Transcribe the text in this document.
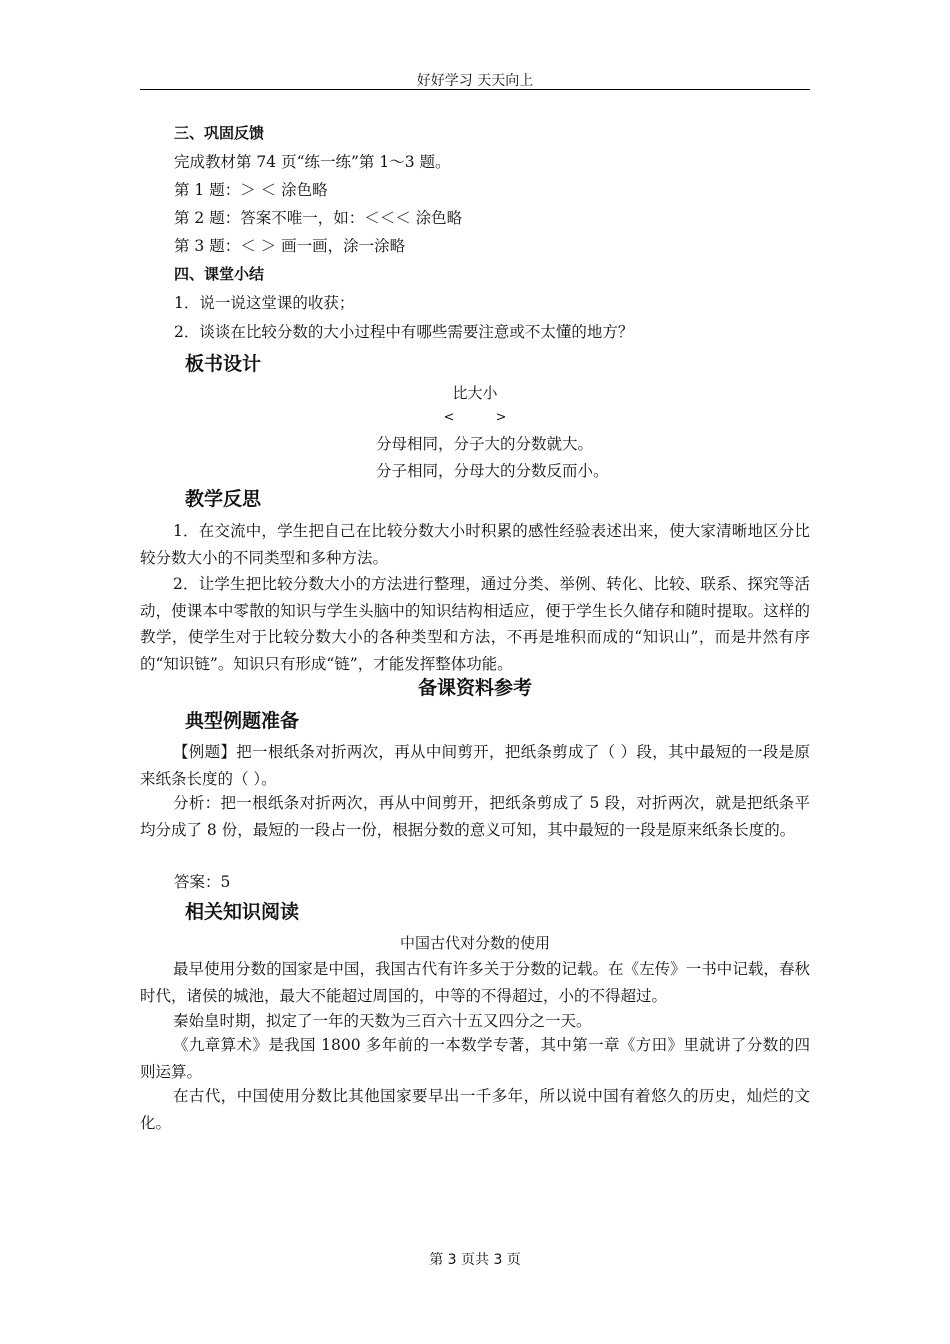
好好学习 天天向上
三、巩固反馈
完成教材第 74 页“练一练”第 1～3 题。
第 1 题：＞ ＜ 涂色略
第 2 题：答案不唯一，如：＜＜＜ 涂色略
第 3 题：＜ ＞ 画一画，涂一涂略
四、课堂小结
1．说一说这堂课的收获；
2．谈谈在比较分数的大小过程中有哪些需要注意或不太懂的地方？
板书设计
比大小
<          >
分母相同，分子大的分数就大。
分子相同，分母大的分数反而小。
教学反思
1．在交流中，学生把自己在比较分数大小时积累的感性经验表述出来，使大家清晰地区分比较分数大小的不同类型和多种方法。
2．让学生把比较分数大小的方法进行整理，通过分类、举例、转化、比较、联系、探究等活动，使课本中零散的知识与学生头脑中的知识结构相适应，便于学生长久储存和随时提取。这样的教学，使学生对于比较分数大小的各种类型和方法，不再是堆积而成的“知识山”，而是井然有序的“知识链”。知识只有形成“链”，才能发挥整体功能。
备课资料参考
典型例题准备
【例题】把一根纸条对折两次，再从中间剪开，把纸条剪成了（ ）段，其中最短的一段是原来纸条长度的（ ）。
分析：把一根纸条对折两次，再从中间剪开，把纸条剪成了 5 段，对折两次，就是把纸条平均分成了 8 份，最短的一段占一份，根据分数的意义可知，其中最短的一段是原来纸条长度的。
答案：5
相关知识阅读
中国古代对分数的使用
最早使用分数的国家是中国，我国古代有许多关于分数的记载。在《左传》一书中记载，春秋时代，诸侯的城池，最大不能超过周国的，中等的不得超过，小的不得超过。
秦始皇时期，拟定了一年的天数为三百六十五又四分之一天。
《九章算术》是我国 1800 多年前的一本数学专著，其中第一章《方田》里就讲了分数的四则运算。
在古代，中国使用分数比其他国家要早出一千多年，所以说中国有着悠久的历史，灿烂的文化。
第 3 页共 3 页
